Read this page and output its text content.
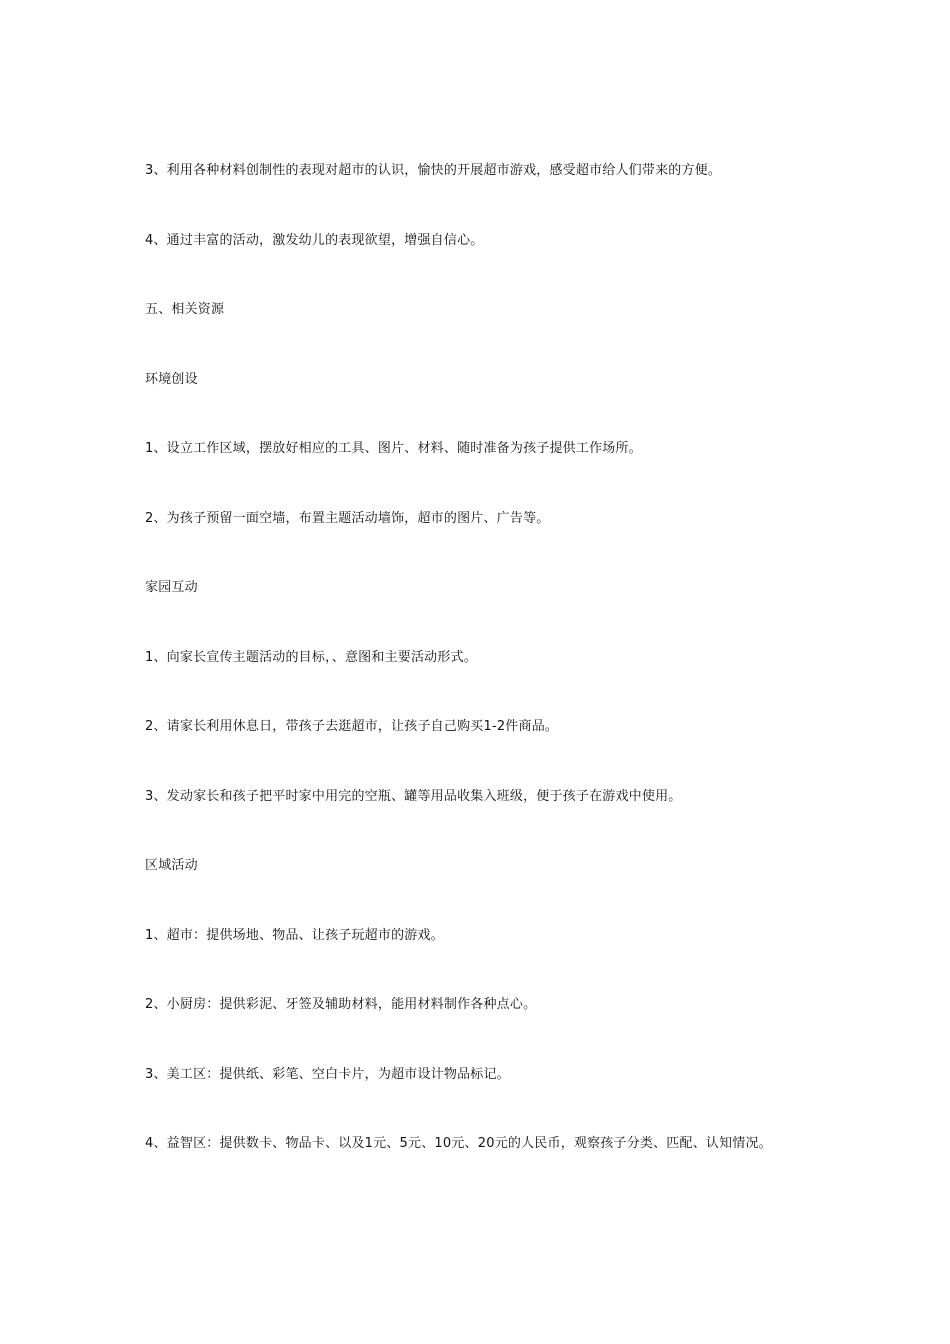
3、利用各种材料创制性的表现对超市的认识，愉快的开展超市游戏，感受超市给人们带来的方便。
4、通过丰富的活动，激发幼儿的表现欲望，增强自信心。
五、相关资源
环境创设
1、设立工作区域，摆放好相应的工具、图片、材料、随时准备为孩子提供工作场所。
2、为孩子预留一面空墙，布置主题活动墙饰，超市的图片、广告等。
家园互动
1、向家长宣传主题活动的目标，、意图和主要活动形式。
2、请家长利用休息日，带孩子去逛超市，让孩子自己购买1-2件商品。
3、发动家长和孩子把平时家中用完的空瓶、罐等用品收集入班级，便于孩子在游戏中使用。
区域活动
1、超市：提供场地、物品、让孩子玩超市的游戏。
2、小厨房：提供彩泥、牙签及辅助材料，能用材料制作各种点心。
3、美工区：提供纸、彩笔、空白卡片，为超市设计物品标记。
4、益智区：提供数卡、物品卡、以及1元、5元、10元、20元的人民币，观察孩子分类、匹配、认知情况。
